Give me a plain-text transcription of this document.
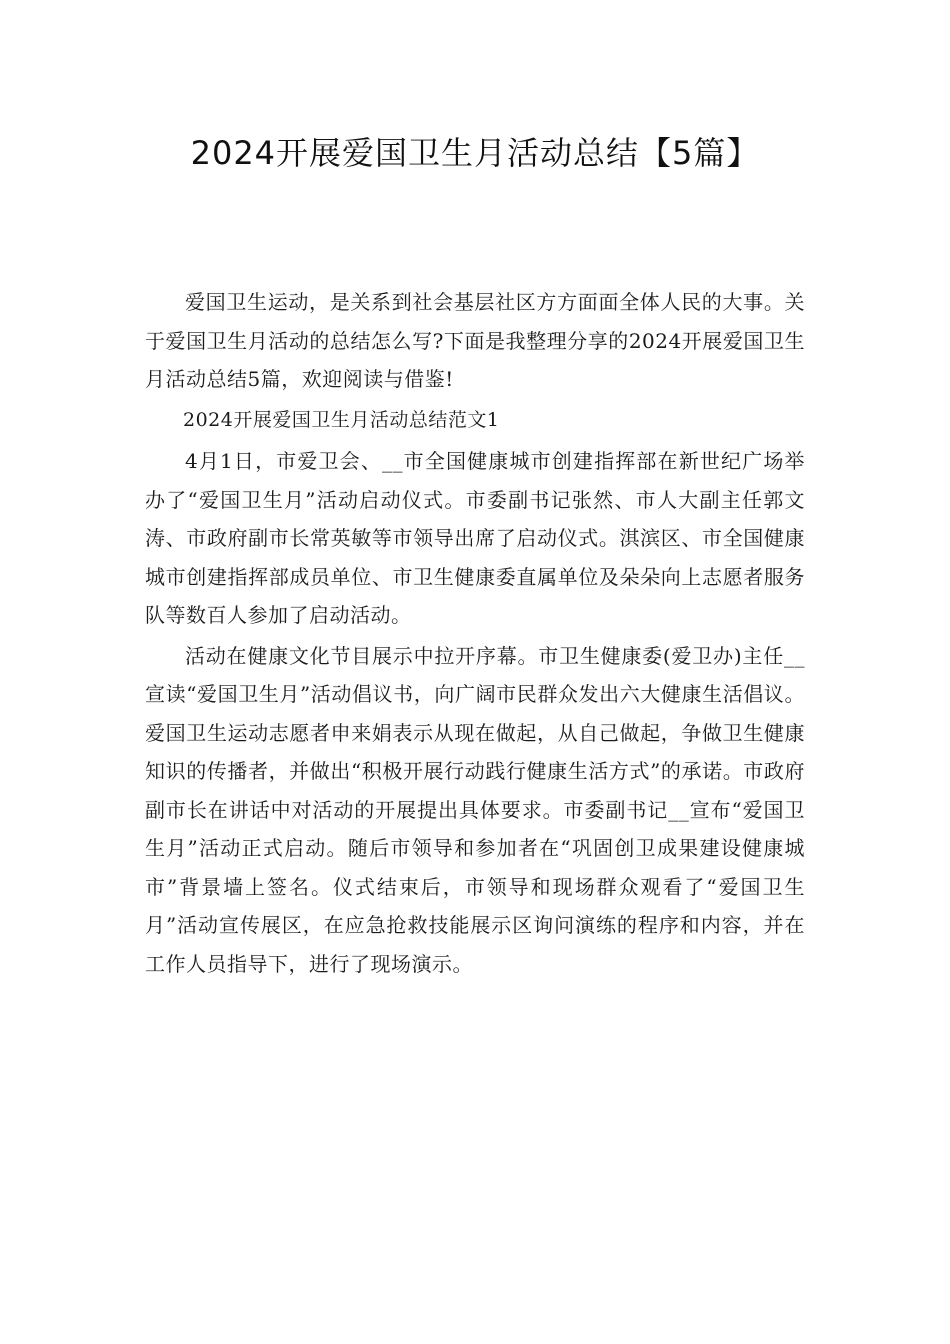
2024开展爱国卫生月活动总结【5篇】

爱国卫生运动，是关系到社会基层社区方方面面全体人民的大事。关于爱国卫生月活动的总结怎么写?下面是我整理分享的2024开展爱国卫生月活动总结5篇，欢迎阅读与借鉴!

2024开展爱国卫生月活动总结范文1

4月1日，市爱卫会、__市全国健康城市创建指挥部在新世纪广场举办了“爱国卫生月”活动启动仪式。市委副书记张然、市人大副主任郭文涛、市政府副市长常英敏等市领导出席了启动仪式。淇滨区、市全国健康城市创建指挥部成员单位、市卫生健康委直属单位及朵朵向上志愿者服务队等数百人参加了启动活动。

活动在健康文化节目展示中拉开序幕。市卫生健康委(爱卫办)主任__宣读“爱国卫生月”活动倡议书，向广阔市民群众发出六大健康生活倡议。爱国卫生运动志愿者申来娟表示从现在做起，从自己做起，争做卫生健康知识的传播者，并做出“积极开展行动践行健康生活方式”的承诺。市政府副市长在讲话中对活动的开展提出具体要求。市委副书记__宣布“爱国卫生月”活动正式启动。随后市领导和参加者在“巩固创卫成果建设健康城市”背景墙上签名。仪式结束后，市领导和现场群众观看了“爱国卫生月”活动宣传展区，在应急抢救技能展示区询问演练的程序和内容，并在工作人员指导下，进行了现场演示。
